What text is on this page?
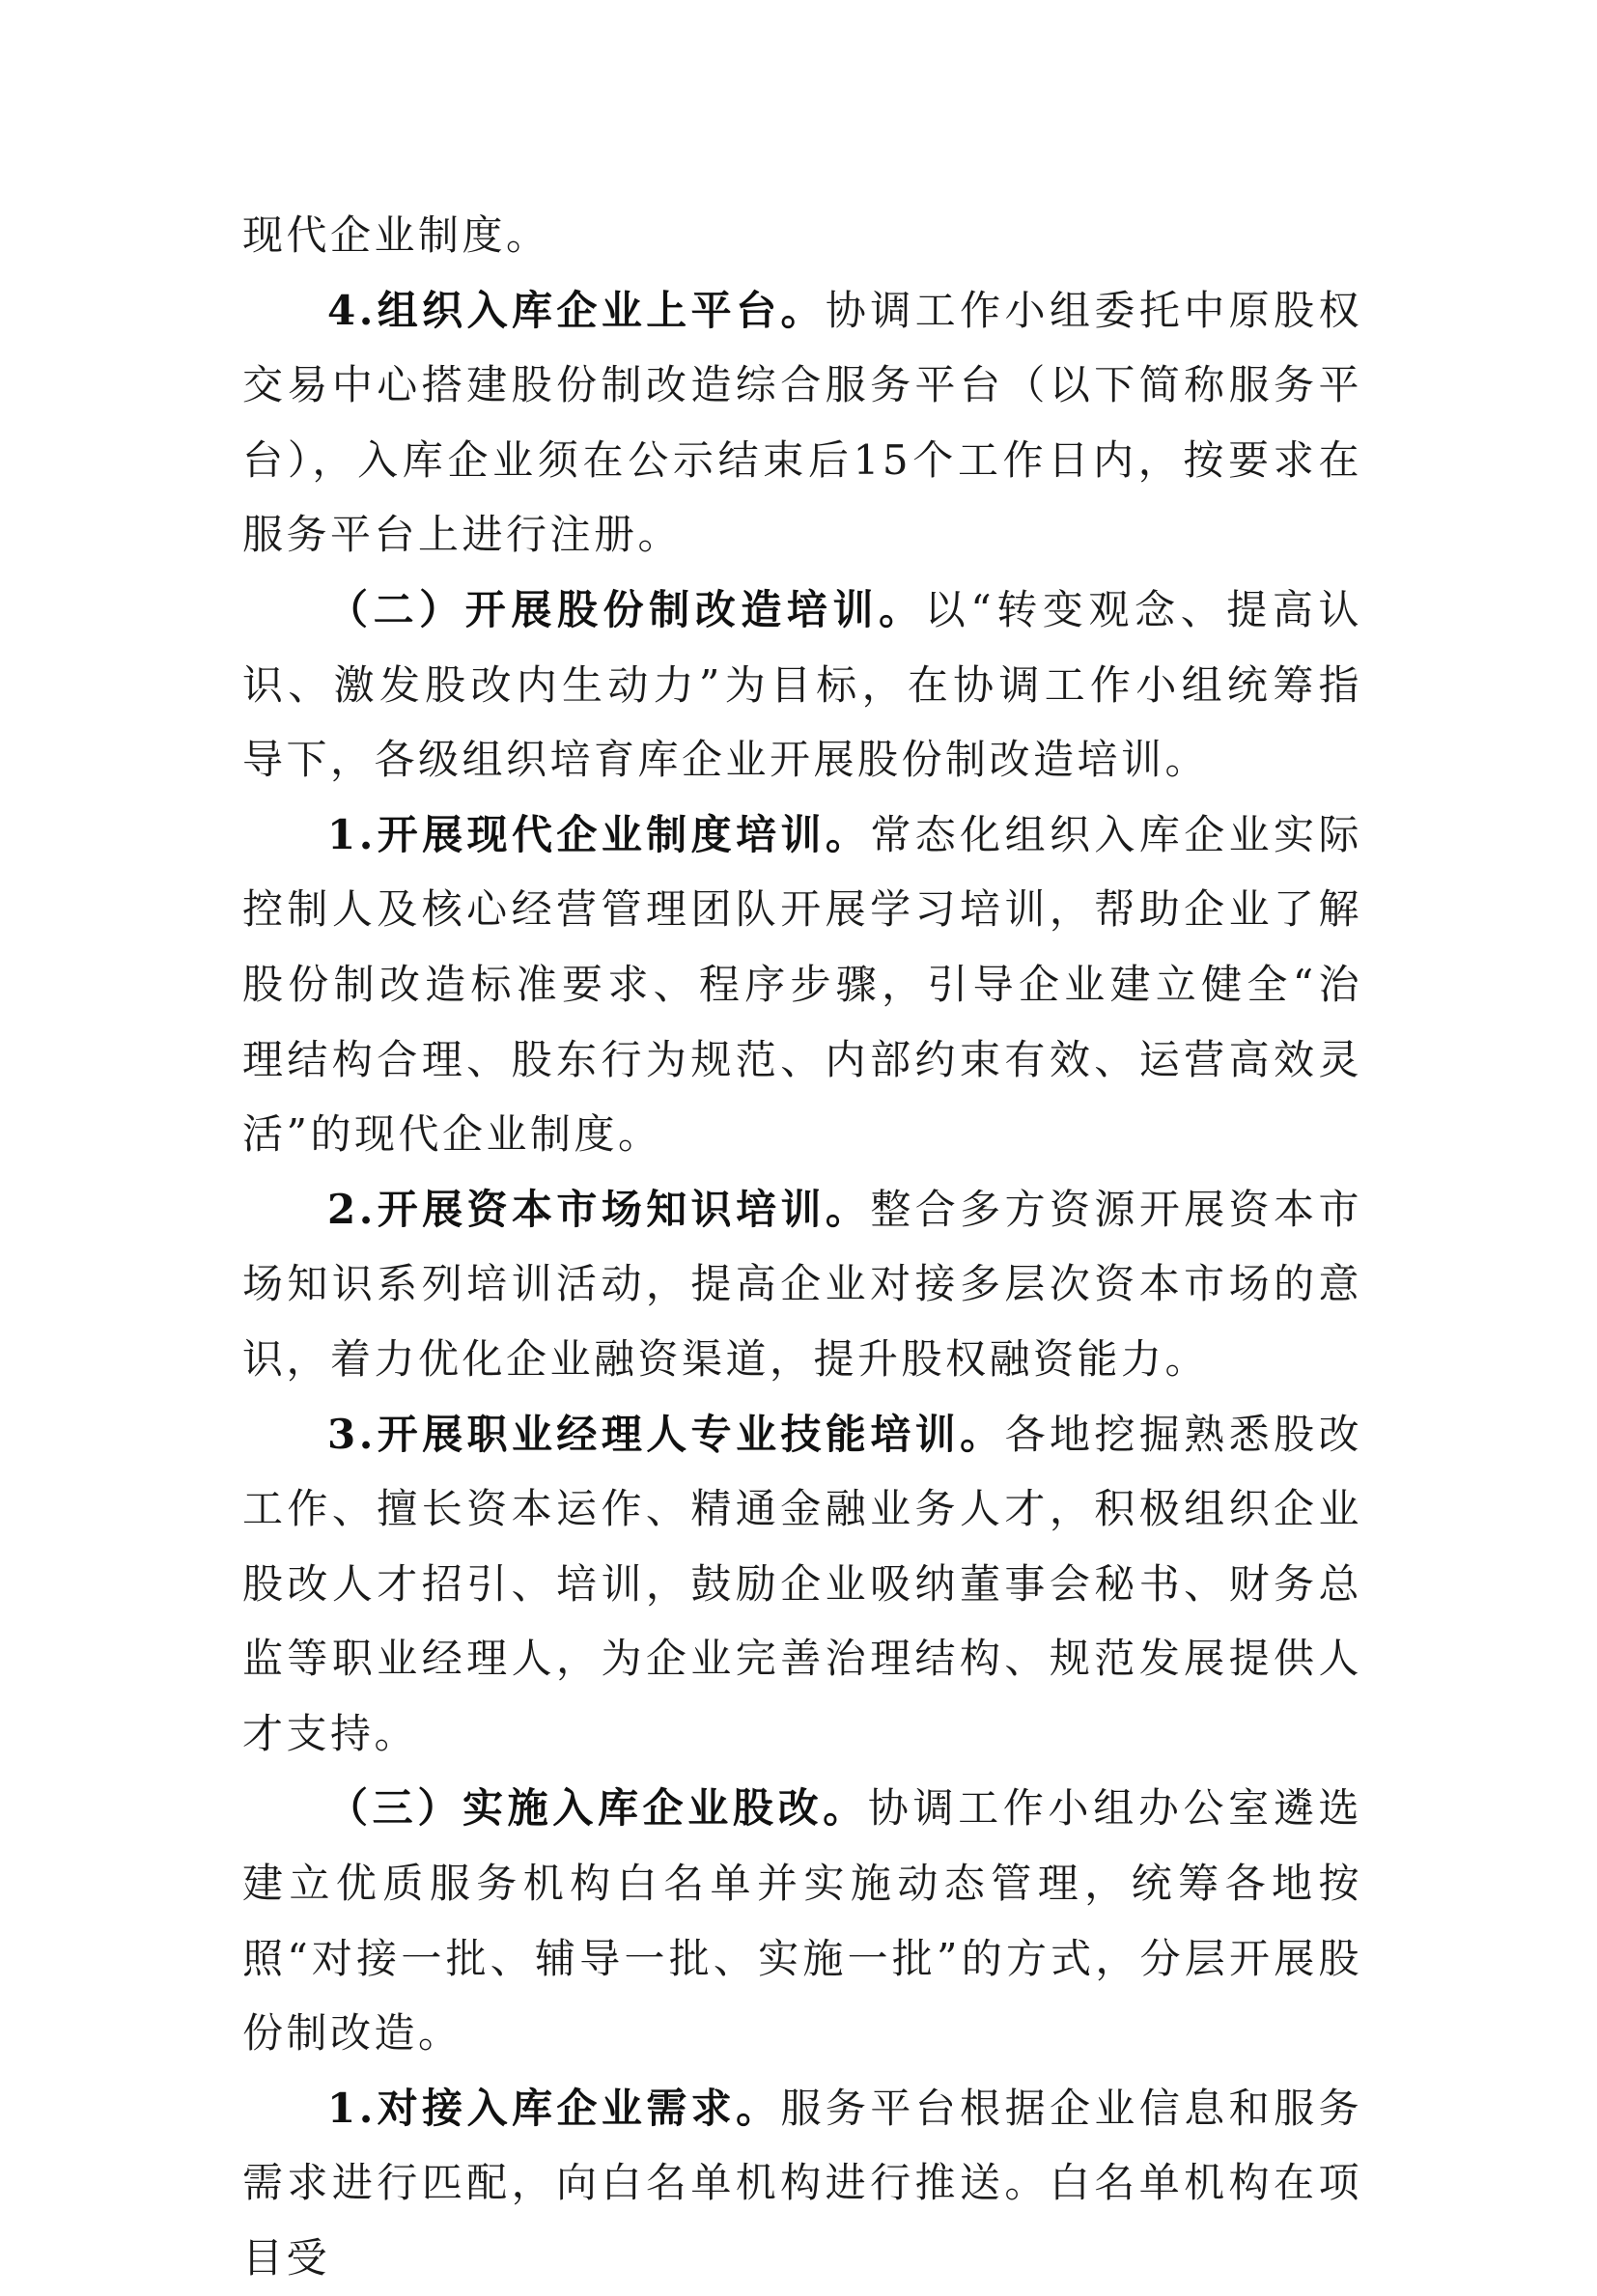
现代企业制度。

4.组织入库企业上平台。协调工作小组委托中原股权交易中心搭建股份制改造综合服务平台（以下简称服务平台），入库企业须在公示结束后15个工作日内，按要求在服务平台上进行注册。

（二）开展股份制改造培训。以“转变观念、提高认识、激发股改内生动力”为目标，在协调工作小组统筹指导下，各级组织培育库企业开展股份制改造培训。

1.开展现代企业制度培训。常态化组织入库企业实际控制人及核心经营管理团队开展学习培训，帮助企业了解股份制改造标准要求、程序步骤，引导企业建立健全“治理结构合理、股东行为规范、内部约束有效、运营高效灵活”的现代企业制度。

2.开展资本市场知识培训。整合多方资源开展资本市场知识系列培训活动，提高企业对接多层次资本市场的意识，着力优化企业融资渠道，提升股权融资能力。

3.开展职业经理人专业技能培训。各地挖掘熟悉股改工作、擅长资本运作、精通金融业务人才，积极组织企业股改人才招引、培训，鼓励企业吸纳董事会秘书、财务总监等职业经理人，为企业完善治理结构、规范发展提供人才支持。

（三）实施入库企业股改。协调工作小组办公室遴选建立优质服务机构白名单并实施动态管理，统筹各地按照“对接一批、辅导一批、实施一批”的方式，分层开展股份制改造。

1.对接入库企业需求。服务平台根据企业信息和服务需求进行匹配，向白名单机构进行推送。白名单机构在项目受
